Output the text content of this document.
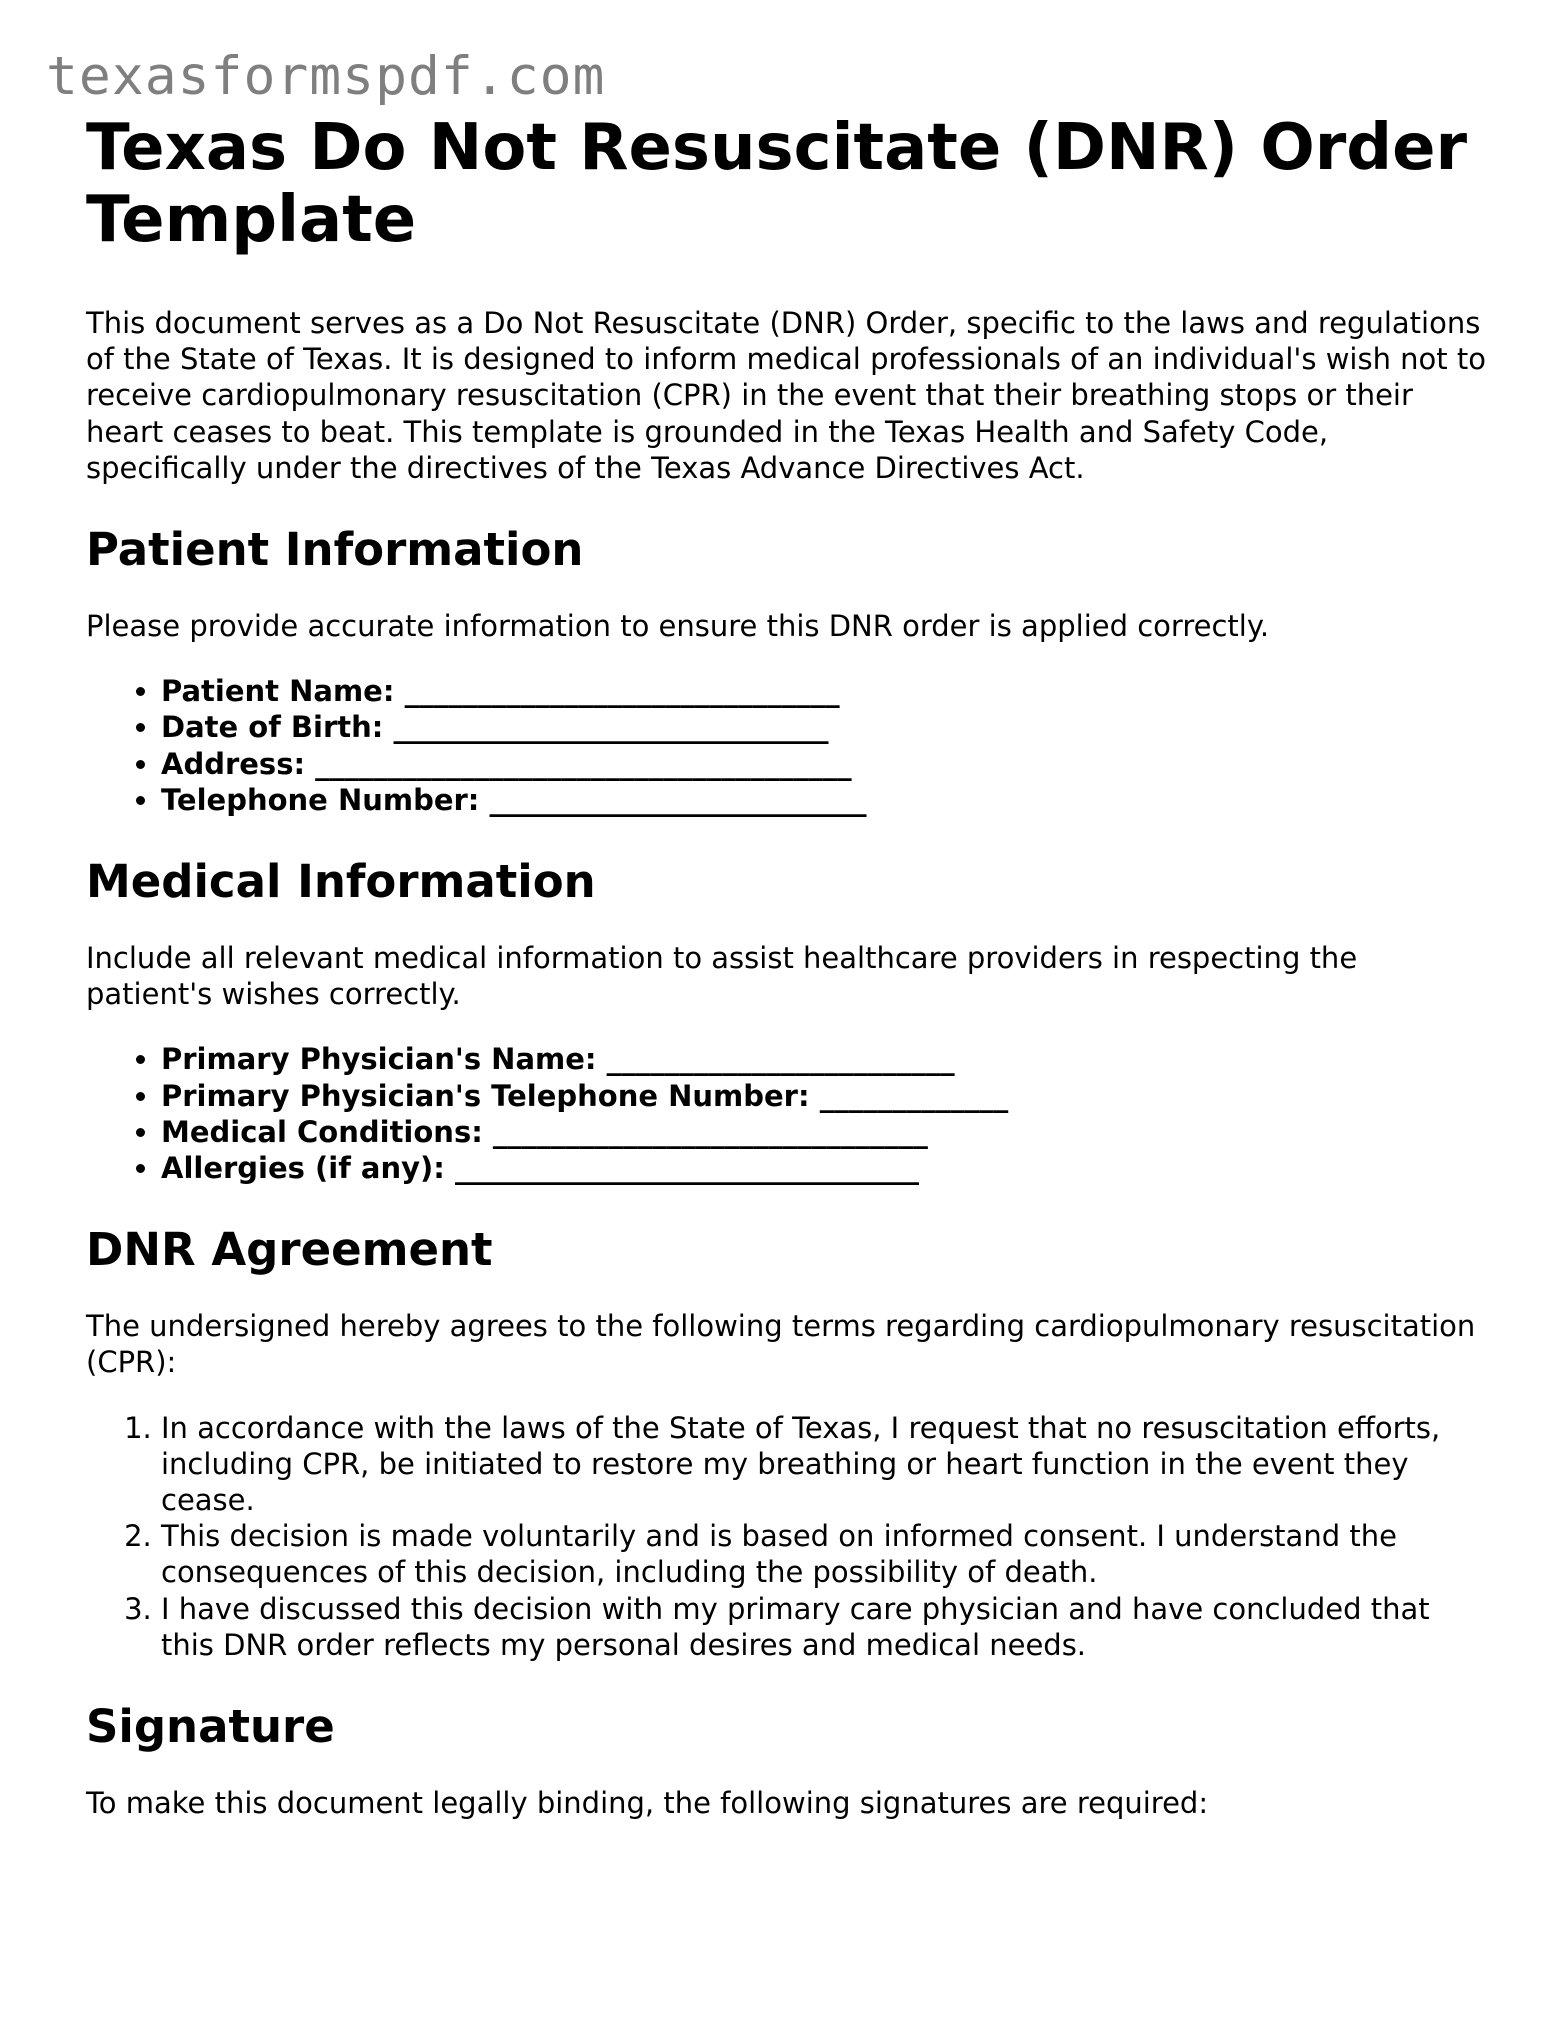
texasformspdf.com
Texas Do Not Resuscitate (DNR) Order Template

This document serves as a Do Not Resuscitate (DNR) Order, specific to the laws and regulations of the State of Texas. It is designed to inform medical professionals of an individual's wish not to receive cardiopulmonary resuscitation (CPR) in the event that their breathing stops or their heart ceases to beat. This template is grounded in the Texas Health and Safety Code, specifically under the directives of the Texas Advance Directives Act.

Patient Information

Please provide accurate information to ensure this DNR order is applied correctly.

• Patient Name: ______________________________
• Date of Birth: ______________________________
• Address: _____________________________________
• Telephone Number: __________________________
Medical Information

Include all relevant medical information to assist healthcare providers in respecting the patient's wishes correctly.

• Primary Physician's Name: ________________________
• Primary Physician's Telephone Number: _____________
• Medical Conditions: ______________________________
• Allergies (if any): ________________________________
DNR Agreement

The undersigned hereby agrees to the following terms regarding cardiopulmonary resuscitation (CPR):

1. In accordance with the laws of the State of Texas, I request that no resuscitation efforts, including CPR, be initiated to restore my breathing or heart function in the event they cease.
2. This decision is made voluntarily and is based on informed consent. I understand the consequences of this decision, including the possibility of death.
3. I have discussed this decision with my primary care physician and have concluded that this DNR order reflects my personal desires and medical needs.
Signature

To make this document legally binding, the following signatures are required:
